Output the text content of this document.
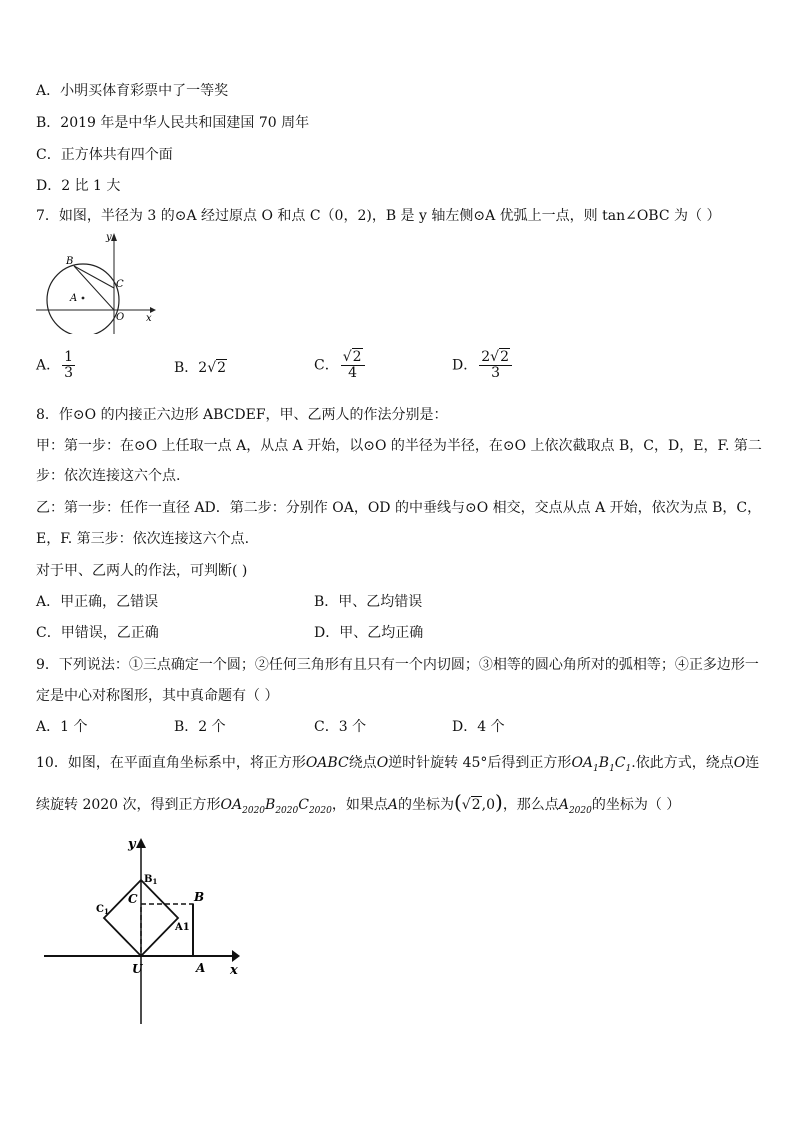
A．小明买体育彩票中了一等奖
B．2019 年是中华人民共和国建国 70 周年
C．正方体共有四个面
D．2 比 1 大
7．如图，半径为 3 的⊙A 经过原点 O 和点 C（0，2)，B 是 y 轴左侧⊙A 优弧上一点，则 tan∠OBC 为（ ）
y
x
B
C
A
O
A． $\frac{1}{3}$	B．2√2	C． $\frac{√2}{4}$	D． $\frac{2√2}{3}$
8．作⊙O 的内接正六边形 ABCDEF，甲、乙两人的作法分别是：
甲：第一步：在⊙O 上任取一点 A，从点 A 开始，以⊙O 的半径为半径，在⊙O 上依次截取点 B，C，D，E，F. 第二
步：依次连接这六个点.
乙：第一步：任作一直径 AD．第二步：分别作 OA，OD 的中垂线与⊙O 相交，交点从点 A 开始，依次为点 B，C，
E，F. 第三步：依次连接这六个点.
对于甲、乙两人的作法，可判断( )
A．甲正确，乙错误	B．甲、乙均错误
C．甲错误，乙正确	D．甲、乙均正确
9．下列说法：①三点确定一个圆；②任何三角形有且只有一个内切圆；③相等的圆心角所对的弧相等；④正多边形一
定是中心对称图形，其中真命题有（ ）
A．1 个	B．2 个	C．3 个	D．4 个
10．如图，在平面直角坐标系中，将正方形OABC绕点O逆时针旋转 45°后得到正方形$OA_1B_1C_1$.依此方式，绕点O连
续旋转 2020 次，得到正方形$OA_{2020}B_{2020}C_{2020}$，如果点A的坐标为(√2,0)，那么点$A_{2020}$的坐标为（ ）
y
x
$B_1$
B
C
$C_1$
A1
U	A
